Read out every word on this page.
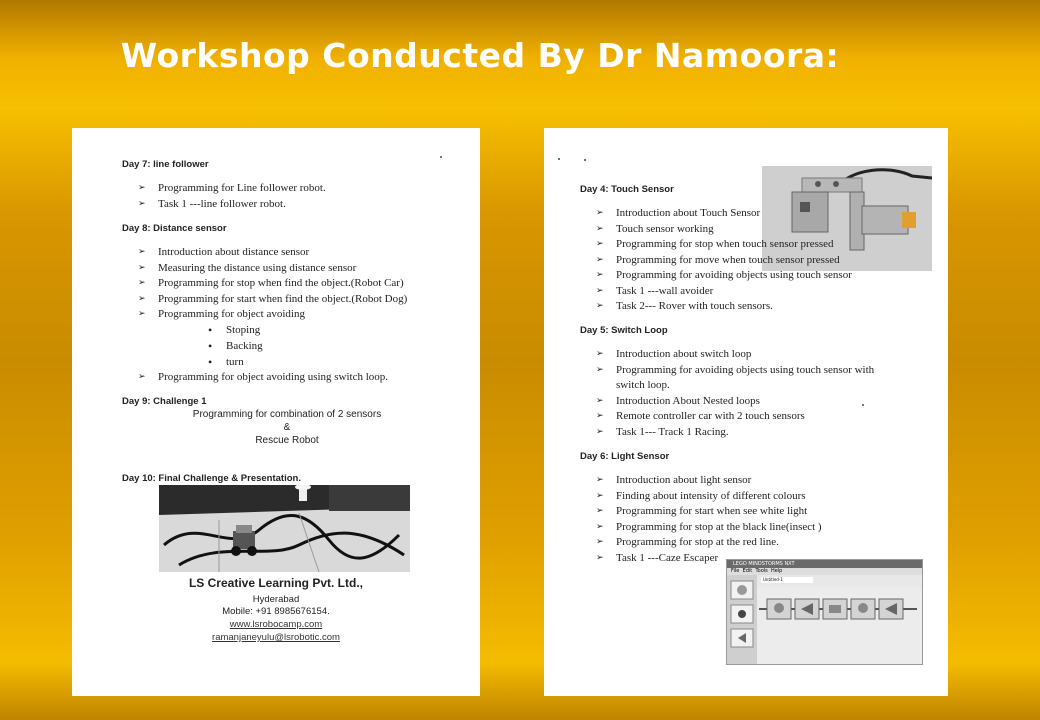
Workshop Conducted By Dr Namoora:
Day 7: line follower
➢ Programming for Line follower robot.
➢ Task 1 ---line follower robot.
Day 8: Distance sensor
➢ Introduction about distance sensor
➢ Measuring the distance using distance sensor
➢ Programming for stop when find the object.(Robot Car)
➢ Programming for start when find the object.(Robot Dog)
➢ Programming for object avoiding
• Stoping
• Backing
• turn
➢ Programming for object avoiding using switch loop.
Day 9: Challenge 1
Programming for combination of 2 sensors
&
Rescue Robot
Day 10: Final Challenge & Presentation.
LS Creative Learning Pvt. Ltd.,
Hyderabad
Mobile: +91 8985676154.
www.lsrobocamp.com
ramanjaneyulu@lsrobotic.com
Day 4: Touch Sensor
➢ Introduction about Touch Sensor
➢ Touch sensor working
➢ Programming for stop when touch sensor pressed
➢ Programming for move when touch sensor pressed
➢ Programming for avoiding objects using touch sensor
➢ Task 1 ---wall avoider
➢ Task 2--- Rover with touch sensors.
Day 5: Switch Loop
➢ Introduction about switch loop
➢ Programming for avoiding objects using touch sensor with switch loop.
➢ Introduction About Nested loops
➢ Remote controller car with 2 touch sensors
➢ Task 1--- Track 1 Racing.
Day 6: Light Sensor
➢ Introduction about light sensor
➢ Finding about intensity of different colours
➢ Programming for start when see white light
➢ Programming for stop at the black line(insect )
➢ Programming for stop at the red line.
➢ Task 1 ---Caze Escaper
LEGO MINDSTORMS NXT
File Edit Tools Help
Untitled-1
